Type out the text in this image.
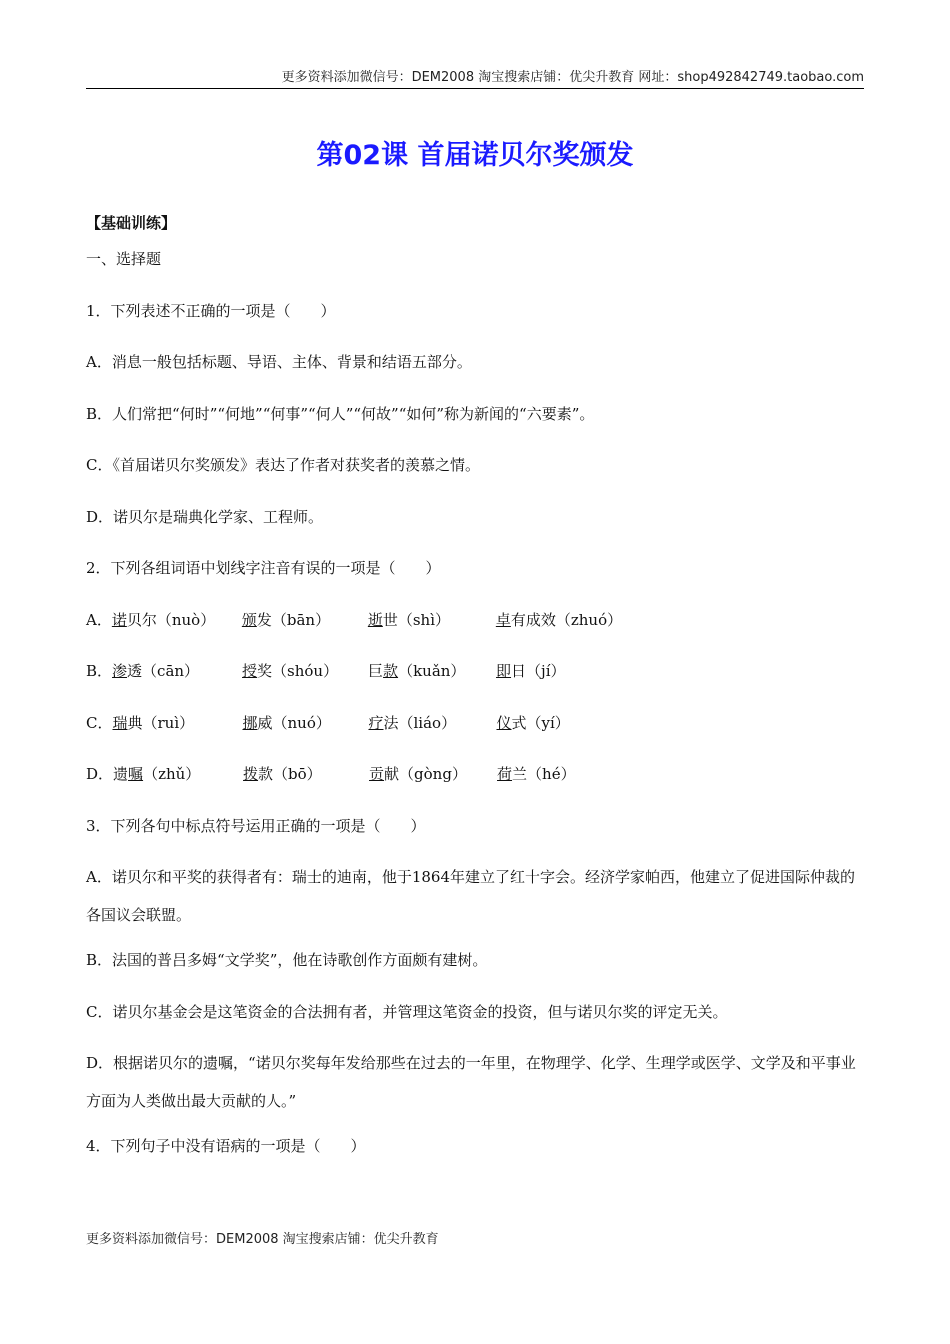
更多资料添加微信号：DEM2008 淘宝搜索店铺：优尖升教育 网址：shop492842749.taobao.com
第02课 首届诺贝尔奖颁发
【基础训练】
一、选择题
1．下列表述不正确的一项是（　　）
A．消息一般包括标题、导语、主体、背景和结语五部分。
B．人们常把“何时”“何地”“何事”“何人”“何故”“如何”称为新闻的“六要素”。
C．《首届诺贝尔奖颁发》表达了作者对获奖者的羡慕之情。
D．诺贝尔是瑞典化学家、工程师。
2．下列各组词语中划线字注音有误的一项是（　　）
A．诺贝尔（nuò） 颁发（bān）	逝世（shì）	卓有成效（zhuó）
B．渗透（cān）	授奖（shóu） 巨款（kuǎn） 即日（jí）
C．瑞典（ruì）	挪威（nuó）	疗法（liáo）	仪式（yí）
D．遗嘱（zhǔ）	拨款（bō）	贡献（gòng） 荷兰（hé）
3．下列各句中标点符号运用正确的一项是（　　）
A．诺贝尔和平奖的获得者有：瑞士的迪南，他于1864年建立了红十字会。经济学家帕西，他建立了促进国际仲裁的各国议会联盟。
B．法国的普吕多姆“文学奖”，他在诗歌创作方面颇有建树。
C．诺贝尔基金会是这笔资金的合法拥有者，并管理这笔资金的投资，但与诺贝尔奖的评定无关。
D．根据诺贝尔的遗嘱，“诺贝尔奖每年发给那些在过去的一年里，在物理学、化学、生理学或医学、文学及和平事业方面为人类做出最大贡献的人。”
4．下列句子中没有语病的一项是（　　）
更多资料添加微信号：DEM2008 淘宝搜索店铺：优尖升教育
